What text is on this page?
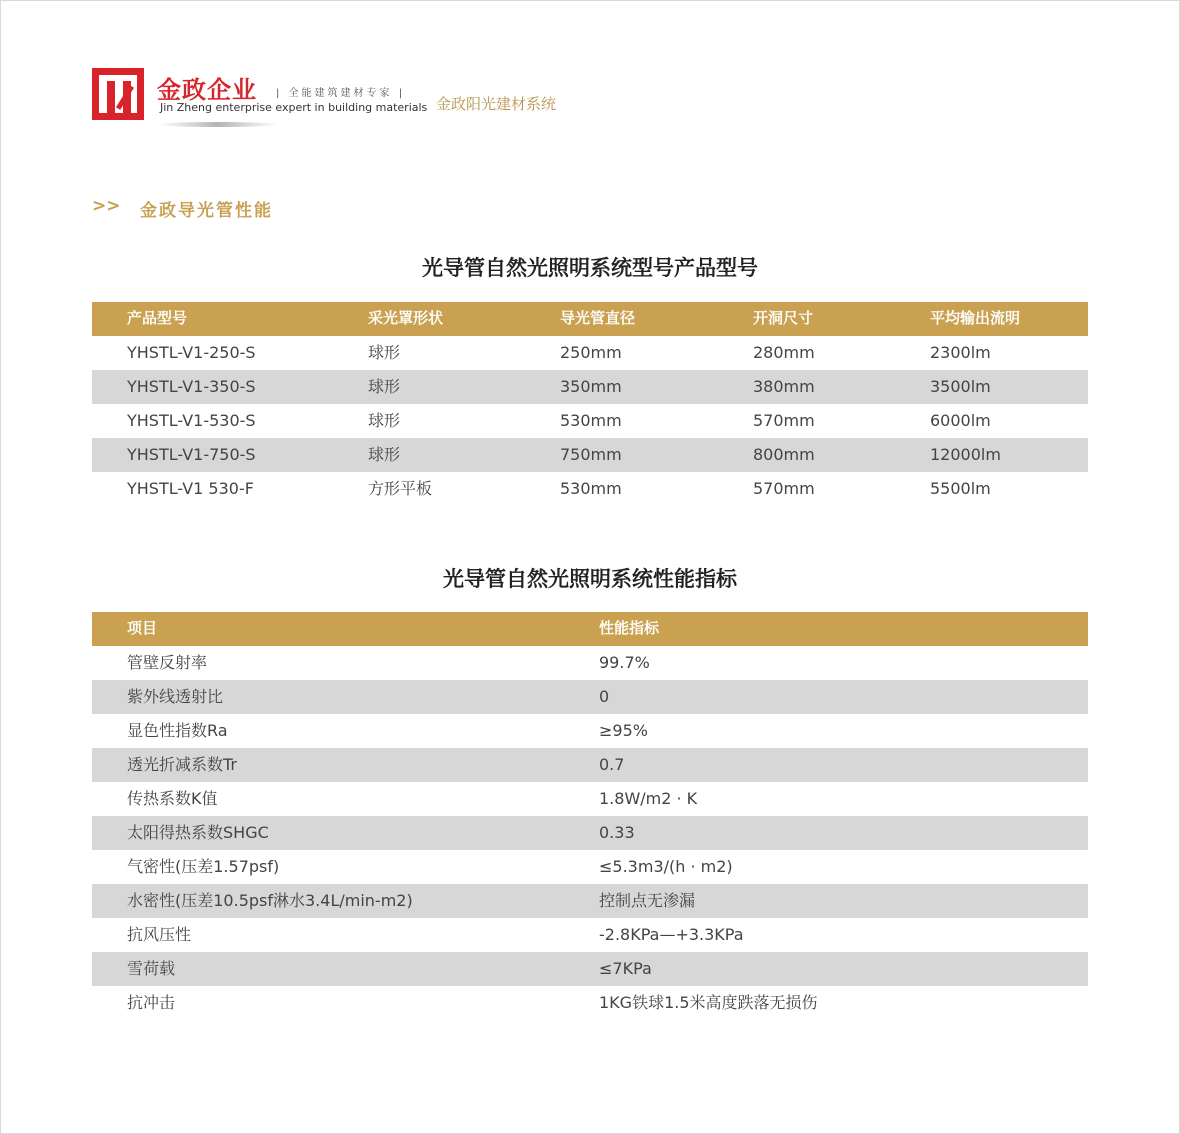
金政企业 | 全能建筑建材专家 |
Jin Zheng enterprise expert in building materials 金政阳光建材系统
>> 金政导光管性能
光导管自然光照明系统型号产品型号
产品型号	采光罩形状	导光管直径	开洞尺寸	平均输出流明
YHSTL-V1-250-S	球形	250mm	280mm	2300lm
YHSTL-V1-350-S	球形	350mm	380mm	3500lm
YHSTL-V1-530-S	球形	530mm	570mm	6000lm
YHSTL-V1-750-S	球形	750mm	800mm	12000lm
YHSTL-V1 530-F	方形平板	530mm	570mm	5500lm
光导管自然光照明系统性能指标
项目	性能指标
管壁反射率	99.7%
紫外线透射比	0
显色性指数Ra	≥95%
透光折减系数Tr	0.7
传热系数K值	1.8W/m2 · K
太阳得热系数SHGC	0.33
气密性(压差1.57psf)	≤5.3m3/(h · m2)
水密性(压差10.5psf淋水3.4L/min-m2)	控制点无渗漏
抗风压性	-2.8KPa—+3.3KPa
雪荷载	≤7KPa
抗冲击	1KG铁球1.5米高度跌落无损伤
